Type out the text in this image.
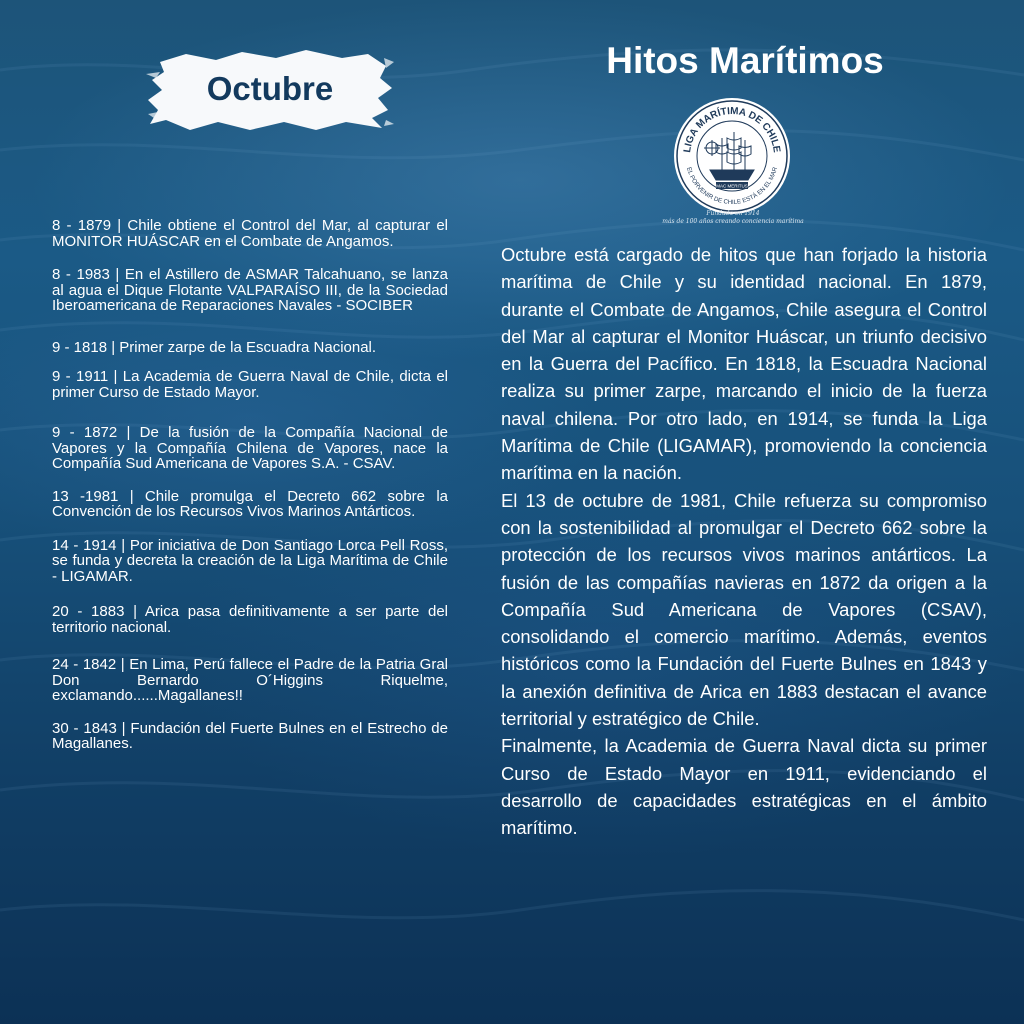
Octubre
Hitos Marítimos
LIGA MARÍTIMA DE CHILE
EL PORVENIR DE CHILE ESTÁ EN EL MAR
MAC MERITUS
Fundada en 1914
más de 100 años creando conciencia marítima
8 - 1879 | Chile obtiene el Control del Mar, al capturar el MONITOR HUÁSCAR en el Combate de Angamos.
8 - 1983 | En el Astillero de ASMAR Talcahuano, se lanza al agua el Dique Flotante VALPARAÍSO III, de la Sociedad Iberoamericana de Reparaciones Navales - SOCIBER
9 - 1818 | Primer zarpe de la Escuadra Nacional.
9 - 1911 | La Academia de Guerra Naval de Chile, dicta el primer Curso de Estado Mayor.
9 - 1872 | De la fusión de la Compañía Nacional de Vapores y la Compañía Chilena de Vapores, nace la Compañía Sud Americana de Vapores S.A. - CSAV.
13 -1981 | Chile promulga el Decreto 662 sobre la Convención de los Recursos Vivos Marinos Antárticos.
14 - 1914 | Por iniciativa de Don Santiago Lorca Pell Ross, se funda y decreta la creación de la Liga Marítima de Chile - LIGAMAR.
20 - 1883 | Arica pasa definitivamente a ser parte del territorio nacional.
24 - 1842 | En Lima, Perú fallece el Padre de la Patria Gral Don Bernardo O´Higgins Riquelme, exclamando......Magallanes!!
30 - 1843 | Fundación del Fuerte Bulnes en el Estrecho de Magallanes.

Octubre está cargado de hitos que han forjado la historia marítima de Chile y su identidad nacional. En 1879, durante el Combate de Angamos, Chile asegura el Control del Mar al capturar el Monitor Huáscar, un triunfo decisivo en la Guerra del Pacífico. En 1818, la Escuadra Nacional realiza su primer zarpe, marcando el inicio de la fuerza naval chilena. Por otro lado, en 1914, se funda la Liga Marítima de Chile (LIGAMAR), promoviendo la conciencia marítima en la nación.

El 13 de octubre de 1981, Chile refuerza su compromiso con la sostenibilidad al promulgar el Decreto 662 sobre la protección de los recursos vivos marinos antárticos. La fusión de las compañías navieras en 1872 da origen a la Compañía Sud Americana de Vapores (CSAV), consolidando el comercio marítimo. Además, eventos históricos como la Fundación del Fuerte Bulnes en 1843 y la anexión definitiva de Arica en 1883 destacan el avance territorial y estratégico de Chile.

Finalmente, la Academia de Guerra Naval dicta su primer Curso de Estado Mayor en 1911, evidenciando el desarrollo de capacidades estratégicas en el ámbito marítimo.
